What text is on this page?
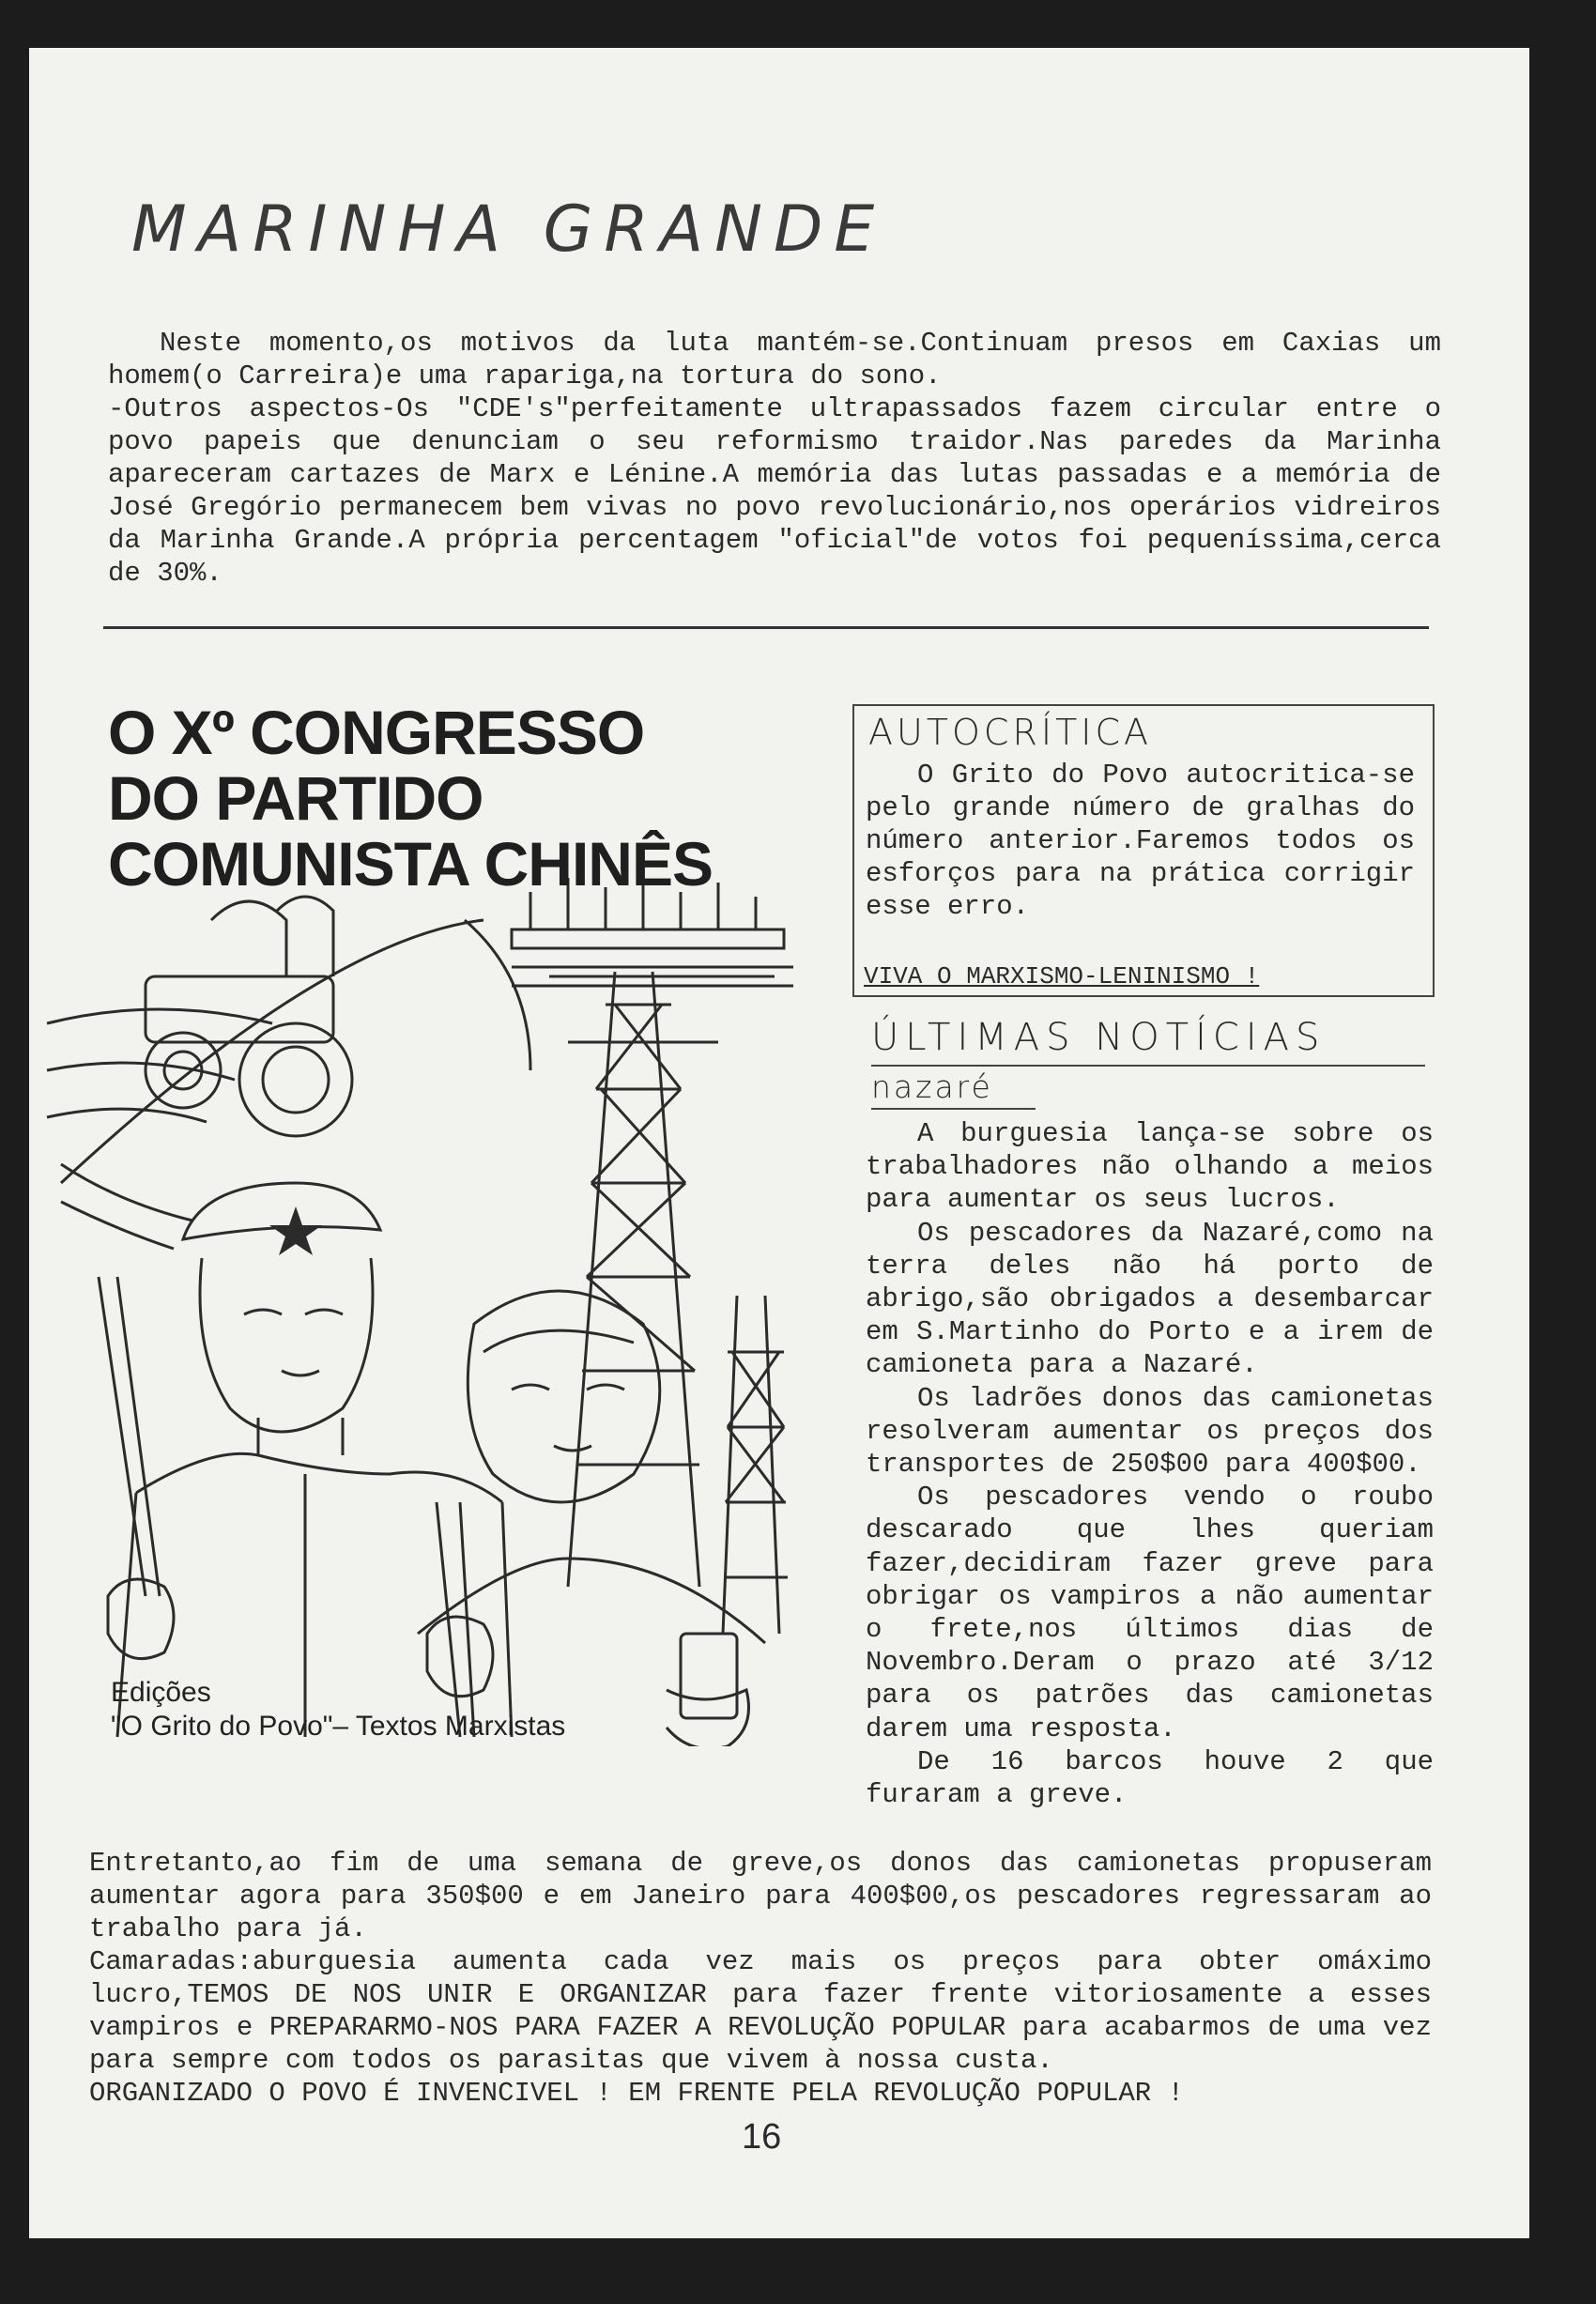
MARINHA GRANDE

Neste momento,os motivos da luta mantém-se.Continuam presos em Caxias um homem(o Carreira)e uma rapariga,na tortura do sono.

-Outros aspectos-Os "CDE's"perfeitamente ultrapassados fazem circular entre o povo papeis que denunciam o seu reformismo traidor.Nas paredes da Marinha apareceram cartazes de Marx e Lénine.A memória das lutas passadas e a memória de José Gregório permanecem bem vivas no povo revolucionário,nos operários vidreiros da Marinha Grande.A própria percentagem "oficial"de votos foi pequeníssima,cerca de 30%.

O Xº CONGRESSO
DO PARTIDO
COMUNISTA CHINÊS
Edições
"O Grito do Povo"– Textos Marxistas
AUTOCRÍTICA

O Grito do Povo autocritica-se pelo grande número de gralhas do número anterior.Faremos todos os esforços para na prática corrigir esse erro.

VIVA O MARXISMO-LENINISMO !
ÚLTIMAS NOTÍCIAS
nazaré

A burguesia lança-se sobre os trabalhadores não olhando a meios para aumentar os seus lucros.

Os pescadores da Nazaré,como na terra deles não há porto de abrigo,são obrigados a desembarcar em S.Martinho do Porto e a irem de camioneta para a Nazaré.

Os ladrões donos das camionetas resolveram aumentar os preços dos transportes de 250$00 para 400$00.

Os pescadores vendo o roubo descarado que lhes queriam fazer,decidiram fazer greve para obrigar os vampiros a não aumentar o frete,nos últimos dias de Novembro.Deram o prazo até 3/12 para os patrões das camionetas darem uma resposta.

De 16 barcos houve 2 que furaram a greve.

Entretanto,ao fim de uma semana de greve,os donos das camionetas propuseram aumentar agora para 350$00 e em Janeiro para 400$00,os pescadores regressaram ao trabalho para já.

Camaradas:aburguesia aumenta cada vez mais os preços para obter omáximo lucro,TEMOS DE NOS UNIR E ORGANIZAR para fazer frente vitoriosamente a esses vampiros e PREPARARMO-NOS PARA FAZER A REVOLUÇÃO POPULAR para acabarmos de uma vez para sempre com todos os parasitas que vivem à nossa custa.

ORGANIZADO O POVO É INVENCIVEL ! EM FRENTE PELA REVOLUÇÃO POPULAR !

16
